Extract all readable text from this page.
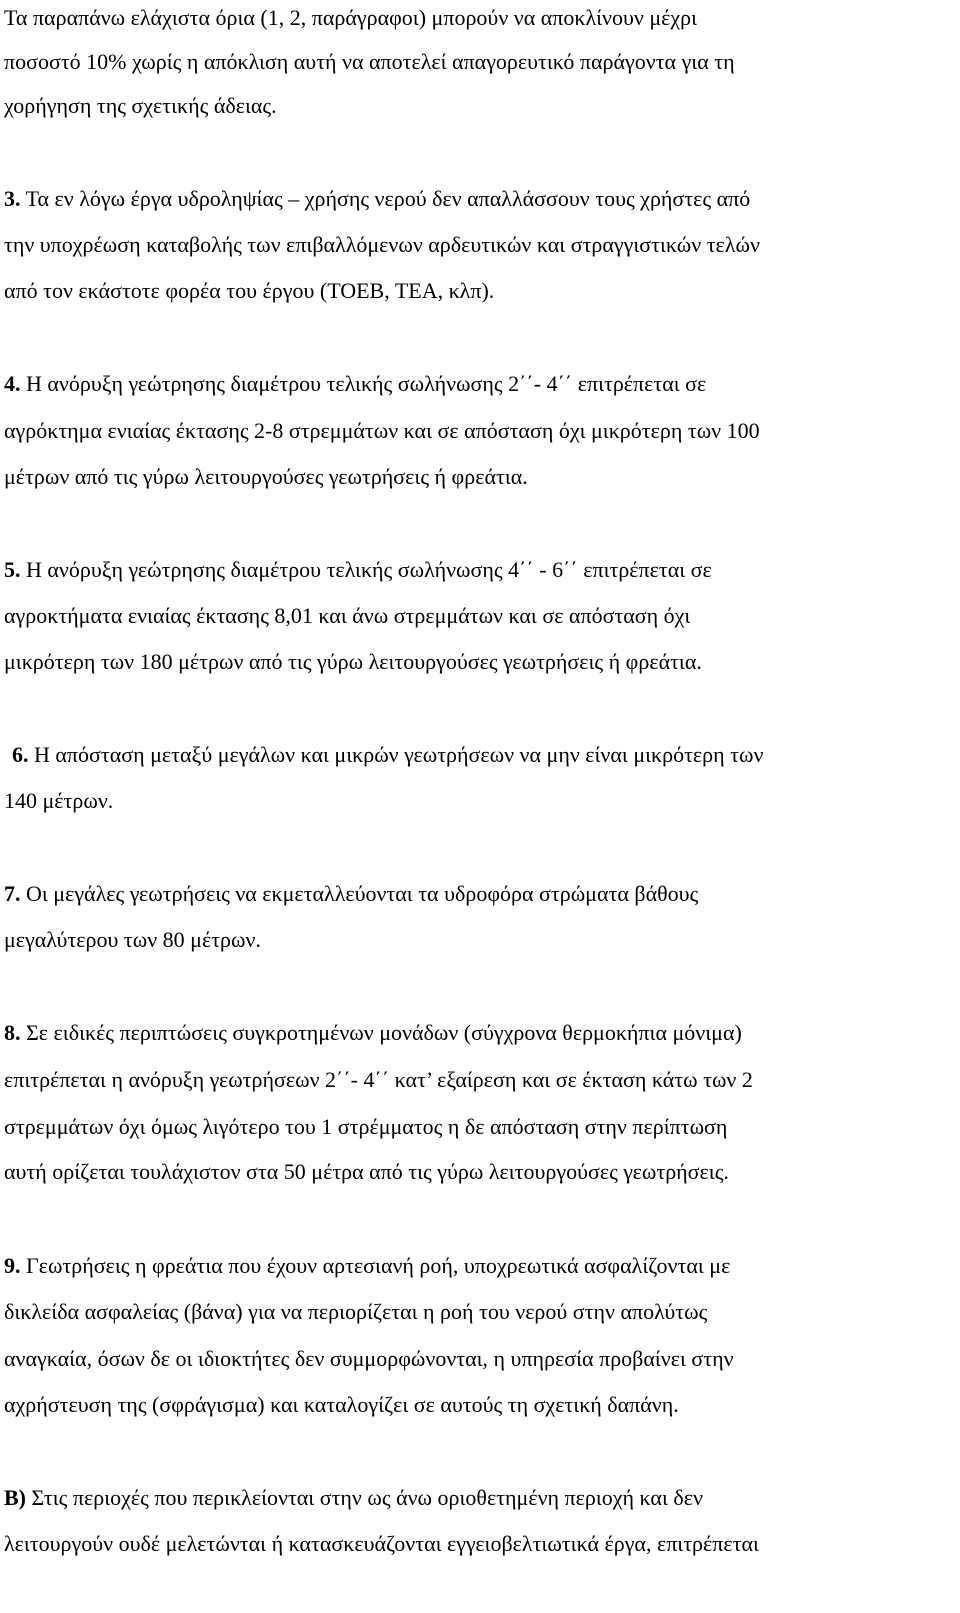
Τα παραπάνω ελάχιστα όρια (1, 2, παράγραφοι) μπορούν να αποκλίνουν μέχρι
ποσοστό 10% χωρίς η απόκλιση αυτή να αποτελεί απαγορευτικό παράγοντα για τη
χορήγηση της σχετικής άδειας.
3. Τα εν λόγω έργα υδροληψίας – χρήσης νερού δεν απαλλάσσουν τους χρήστες από
την υποχρέωση καταβολής των επιβαλλόμενων αρδευτικών και στραγγιστικών τελών
από τον εκάστοτε φορέα του έργου (ΤΟΕΒ, ΤΕΑ, κλπ).
4. Η ανόρυξη γεώτρησης διαμέτρου τελικής σωλήνωσης 2΄΄- 4΄΄ επιτρέπεται σε
αγρόκτημα ενιαίας έκτασης 2-8 στρεμμάτων και σε απόσταση όχι μικρότερη των 100
μέτρων από τις γύρω λειτουργούσες γεωτρήσεις ή φρεάτια.
5. Η ανόρυξη γεώτρησης διαμέτρου τελικής σωλήνωσης 4΄΄ - 6΄΄ επιτρέπεται σε
αγροκτήματα ενιαίας έκτασης 8,01 και άνω στρεμμάτων και σε απόσταση όχι
μικρότερη των 180 μέτρων από τις γύρω λειτουργούσες γεωτρήσεις ή φρεάτια.
6. Η απόσταση μεταξύ μεγάλων και μικρών γεωτρήσεων να μην είναι μικρότερη των
140 μέτρων.
7. Οι μεγάλες γεωτρήσεις να εκμεταλλεύονται τα υδροφόρα στρώματα βάθους
μεγαλύτερου των 80 μέτρων.
8. Σε ειδικές περιπτώσεις συγκροτημένων μονάδων (σύγχρονα θερμοκήπια μόνιμα)
επιτρέπεται η ανόρυξη γεωτρήσεων 2΄΄- 4΄΄ κατ’ εξαίρεση και σε έκταση κάτω των 2
στρεμμάτων όχι όμως λιγότερο του 1 στρέμματος η δε απόσταση στην περίπτωση
αυτή ορίζεται τουλάχιστον στα 50 μέτρα από τις γύρω λειτουργούσες γεωτρήσεις.
9. Γεωτρήσεις η φρεάτια που έχουν αρτεσιανή ροή, υποχρεωτικά ασφαλίζονται με
δικλείδα ασφαλείας (βάνα) για να περιορίζεται η ροή του νερού στην απολύτως
αναγκαία, όσων δε οι ιδιοκτήτες δεν συμμορφώνονται, η υπηρεσία προβαίνει στην
αχρήστευση της (σφράγισμα) και καταλογίζει σε αυτούς τη σχετική δαπάνη.
Β) Στις περιοχές που περικλείονται στην ως άνω οριοθετημένη περιοχή και δεν
λειτουργούν ουδέ μελετώνται ή κατασκευάζονται εγγειοβελτιωτικά έργα, επιτρέπεται
